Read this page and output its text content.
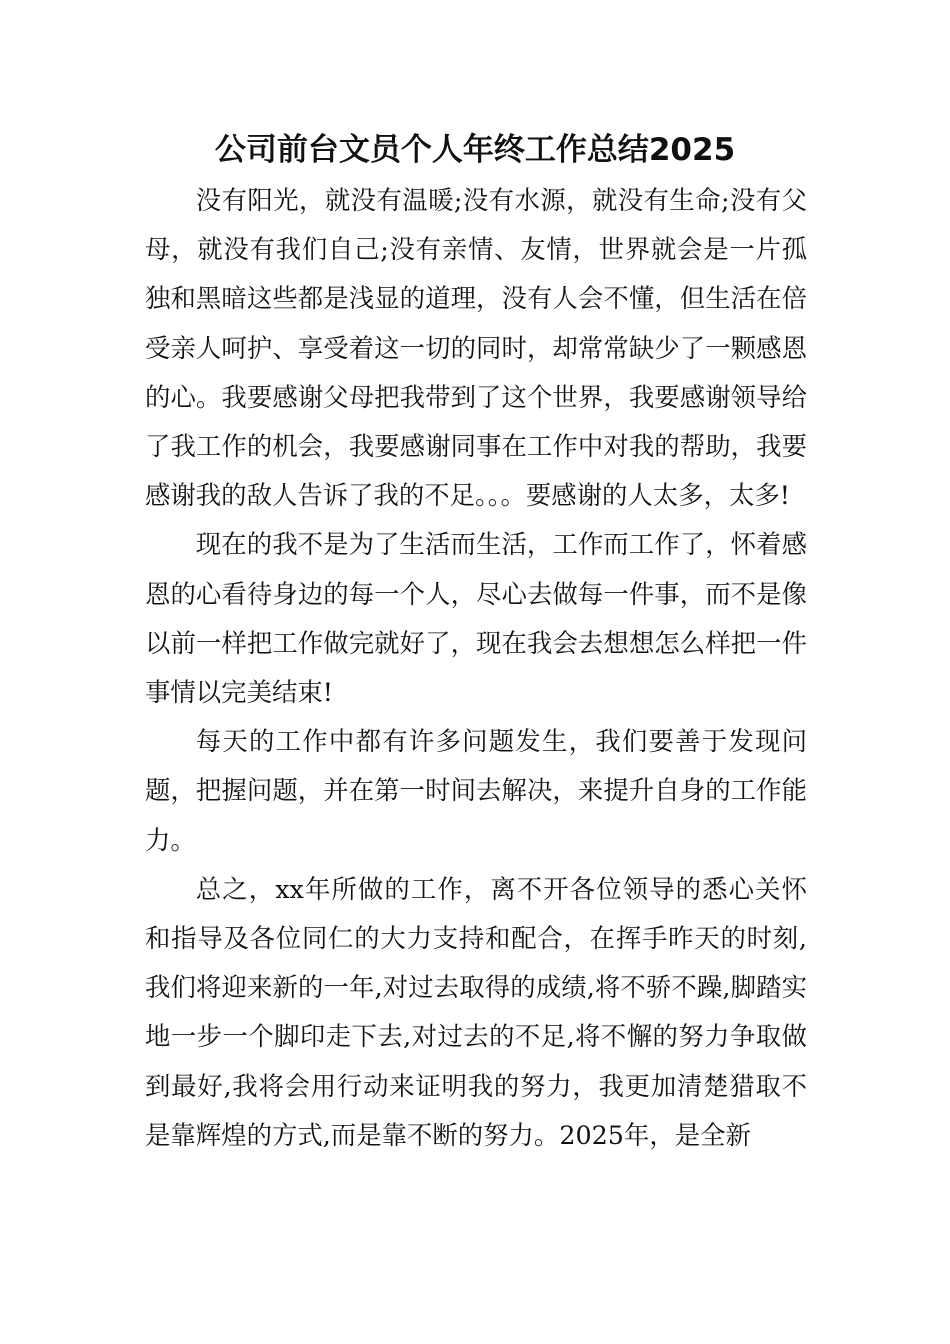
公司前台文员个人年终工作总结2025

没有阳光，就没有温暖;没有水源，就没有生命;没有父母，就没有我们自己;没有亲情、友情，世界就会是一片孤独和黑暗这些都是浅显的道理，没有人会不懂，但生活在倍受亲人呵护、享受着这一切的同时，却常常缺少了一颗感恩的心。我要感谢父母把我带到了这个世界，我要感谢领导给了我工作的机会，我要感谢同事在工作中对我的帮助，我要感谢我的敌人告诉了我的不足。。。要感谢的人太多，太多!

现在的我不是为了生活而生活，工作而工作了，怀着感恩的心看待身边的每一个人，尽心去做每一件事，而不是像以前一样把工作做完就好了，现在我会去想想怎么样把一件事情以完美结束!

每天的工作中都有许多问题发生，我们要善于发现问题，把握问题，并在第一时间去解决，来提升自身的工作能力。

总之，xx年所做的工作，离不开各位领导的悉心关怀和指导及各位同仁的大力支持和配合，在挥手昨天的时刻,我们将迎来新的一年,对过去取得的成绩,将不骄不躁,脚踏实地一步一个脚印走下去,对过去的不足,将不懈的努力争取做到最好,我将会用行动来证明我的努力，我更加清楚猎取不是靠辉煌的方式,而是靠不断的努力。2025年，是全新
